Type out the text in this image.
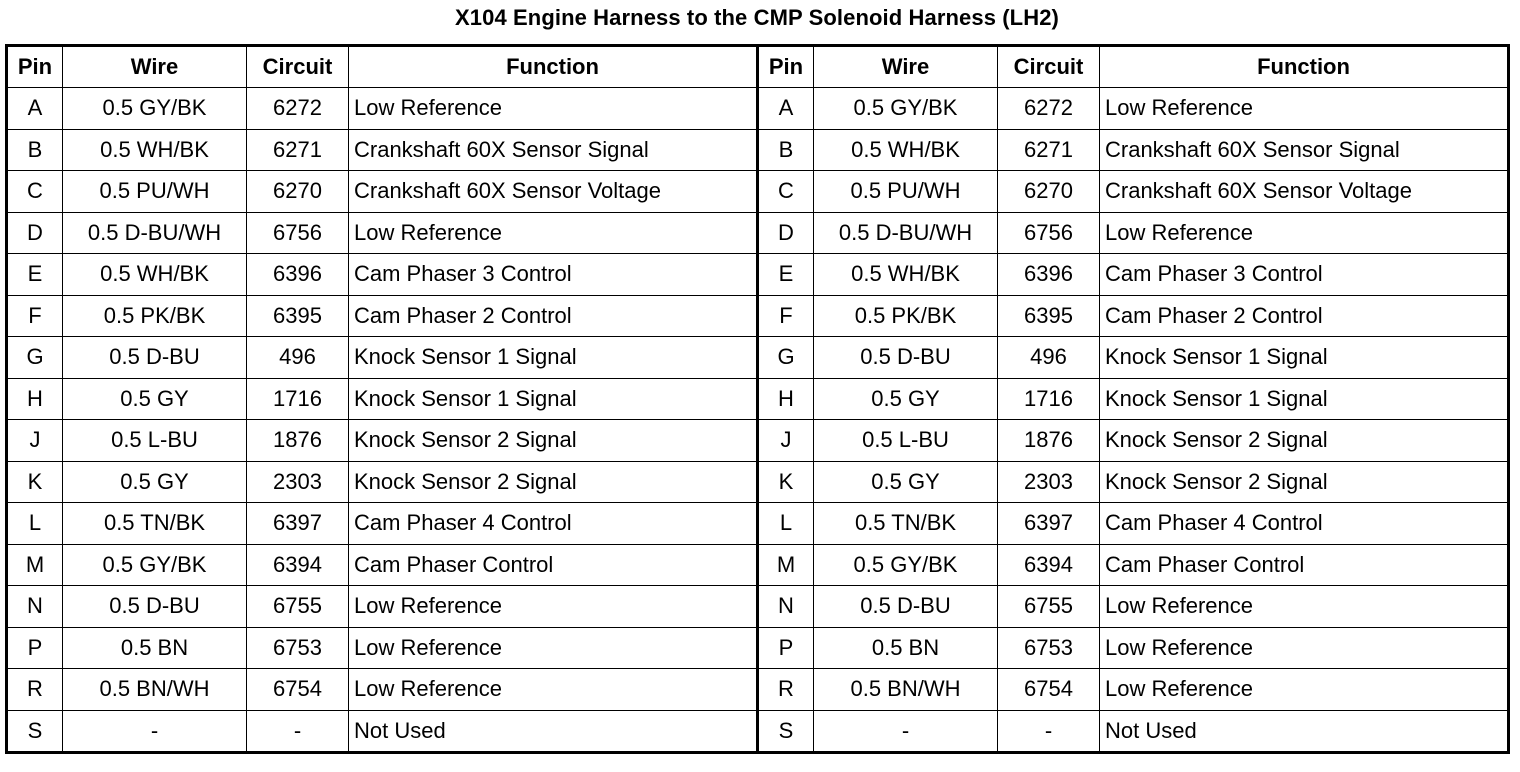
X104 Engine Harness to the CMP Solenoid Harness (LH2)
Pin	Wire	Circuit	Function	Pin	Wire	Circuit	Function
A	0.5 GY/BK	6272	Low Reference	A	0.5 GY/BK	6272	Low Reference
B	0.5 WH/BK	6271	Crankshaft 60X Sensor Signal	B	0.5 WH/BK	6271	Crankshaft 60X Sensor Signal
C	0.5 PU/WH	6270	Crankshaft 60X Sensor Voltage	C	0.5 PU/WH	6270	Crankshaft 60X Sensor Voltage
D	0.5 D-BU/WH	6756	Low Reference	D	0.5 D-BU/WH	6756	Low Reference
E	0.5 WH/BK	6396	Cam Phaser 3 Control	E	0.5 WH/BK	6396	Cam Phaser 3 Control
F	0.5 PK/BK	6395	Cam Phaser 2 Control	F	0.5 PK/BK	6395	Cam Phaser 2 Control
G	0.5 D-BU	496	Knock Sensor 1 Signal	G	0.5 D-BU	496	Knock Sensor 1 Signal
H	0.5 GY	1716	Knock Sensor 1 Signal	H	0.5 GY	1716	Knock Sensor 1 Signal
J	0.5 L-BU	1876	Knock Sensor 2 Signal	J	0.5 L-BU	1876	Knock Sensor 2 Signal
K	0.5 GY	2303	Knock Sensor 2 Signal	K	0.5 GY	2303	Knock Sensor 2 Signal
L	0.5 TN/BK	6397	Cam Phaser 4 Control	L	0.5 TN/BK	6397	Cam Phaser 4 Control
M	0.5 GY/BK	6394	Cam Phaser Control	M	0.5 GY/BK	6394	Cam Phaser Control
N	0.5 D-BU	6755	Low Reference	N	0.5 D-BU	6755	Low Reference
P	0.5 BN	6753	Low Reference	P	0.5 BN	6753	Low Reference
R	0.5 BN/WH	6754	Low Reference	R	0.5 BN/WH	6754	Low Reference
S	-	-	Not Used	S	-	-	Not Used
